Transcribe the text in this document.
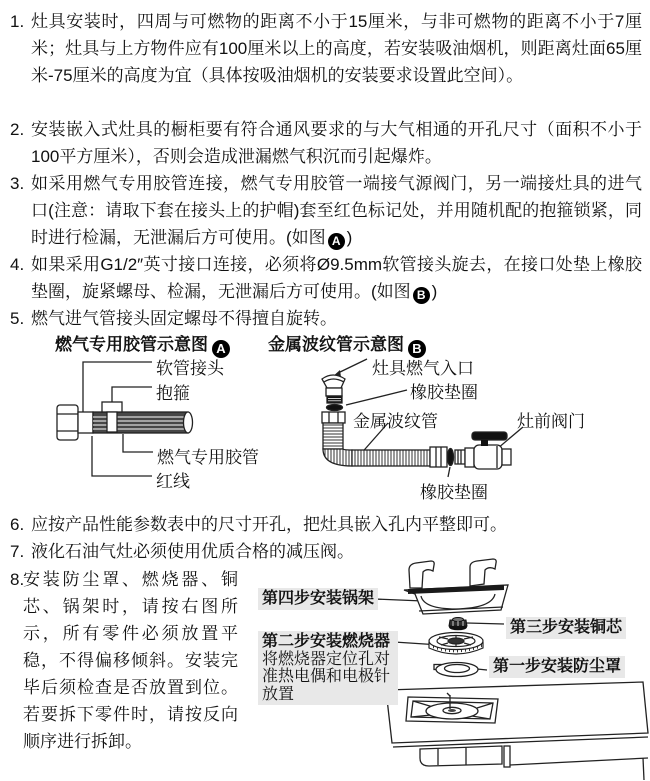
1. 灶具安装时，四周与可燃物的距离不小于15厘米，与非可燃物的距离不小于7厘米；灶具与上方物件应有100厘米以上的高度，若安装吸油烟机，则距离灶面65厘米-75厘米的高度为宜（具体按吸油烟机的安装要求设置此空间）。
2. 安装嵌入式灶具的橱柜要有符合通风要求的与大气相通的开孔尺寸（面积不小于100平方厘米），否则会造成泄漏燃气积沉而引起爆炸。
3. 如采用燃气专用胶管连接，燃气专用胶管一端接气源阀门，另一端接灶具的进气口(注意：请取下套在接头上的护帽)套至红色标记处，并用随机配的抱箍锁紧，同时进行检漏，无泄漏后方可使用。(如图 A )
4. 如果采用G1/2″英寸接口连接，必须将Ø9.5mm软管接头旋去，在接口处垫上橡胶垫圈，旋紧螺母、检漏，无泄漏后方可使用。(如图 B )
5. 燃气进气管接头固定螺母不得擅自旋转。
燃气专用胶管示意图 A	金属波纹管示意图 B
软管接头
抱箍
燃气专用胶管
红线
灶具燃气入口
橡胶垫圈
金属波纹管	灶前阀门
橡胶垫圈
6. 应按产品性能参数表中的尺寸开孔，把灶具嵌入孔内平整即可。
7. 液化石油气灶必须使用优质合格的减压阀。
8.
安装防尘罩、燃烧器、铜芯、锅架时，请按右图所示，所有零件必须放置平稳，不得偏移倾斜。安装完毕后须检查是否放置到位。若要拆下零件时，请按反向顺序进行拆卸。
第四步安装锅架
第三步安装铜芯
第二步安装燃烧器
将燃烧器定位孔对准热电偶和电极针放置
第一步安装防尘罩
